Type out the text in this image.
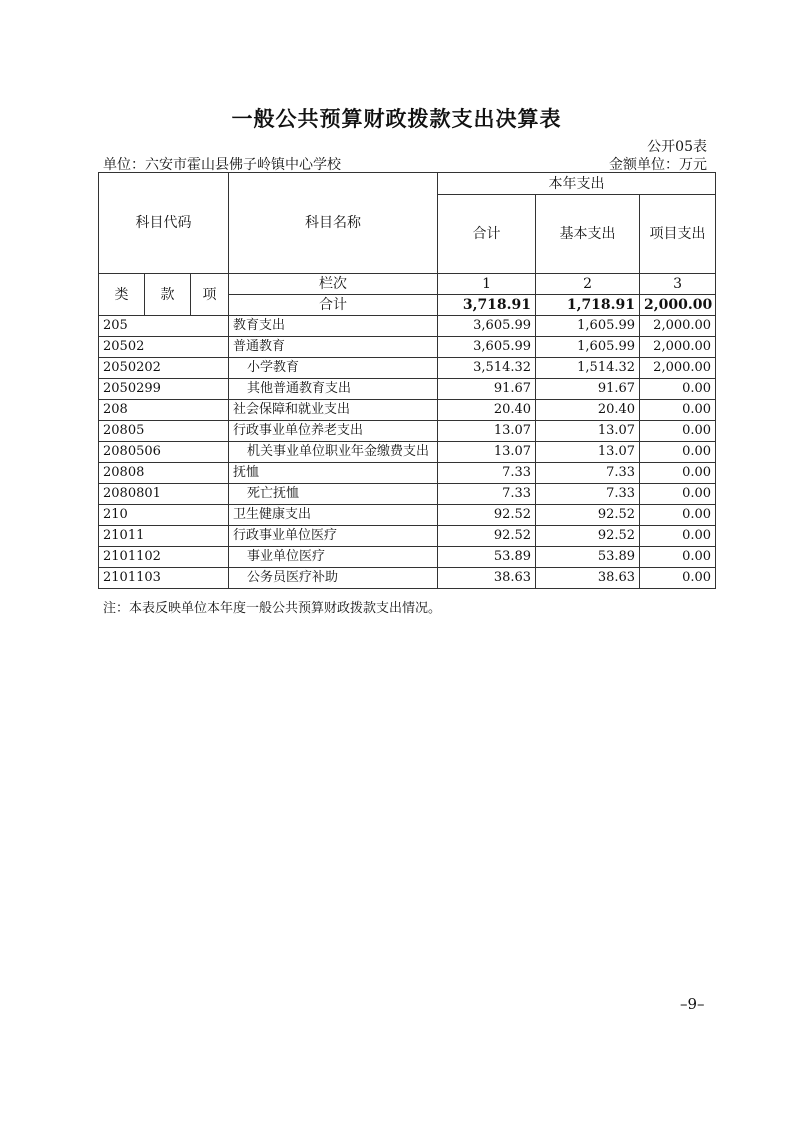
一般公共预算财政拨款支出决算表
公开05表
单位：六安市霍山县佛子岭镇中心学校	金额单位：万元
科目代码			科目名称	本年支出		
				合计	基本支出	项目支出

类	款	项	栏次	1	2	3
			合计	3,718.91	1,718.91	2,000.00
205			教育支出	3,605.99	1,605.99	2,000.00
20502			普通教育	3,605.99	1,605.99	2,000.00
2050202			小学教育	3,514.32	1,514.32	2,000.00
2050299			其他普通教育支出	91.67	91.67	0.00
208			社会保障和就业支出	20.40	20.40	0.00
20805			行政事业单位养老支出	13.07	13.07	0.00
2080506			机关事业单位职业年金缴费支出	13.07	13.07	0.00
20808			抚恤	7.33	7.33	0.00
2080801			死亡抚恤	7.33	7.33	0.00
210			卫生健康支出	92.52	92.52	0.00
21011			行政事业单位医疗	92.52	92.52	0.00
2101102			事业单位医疗	53.89	53.89	0.00
2101103			公务员医疗补助	38.63	38.63	0.00
注：本表反映单位本年度一般公共预算财政拨款支出情况。
–9–
